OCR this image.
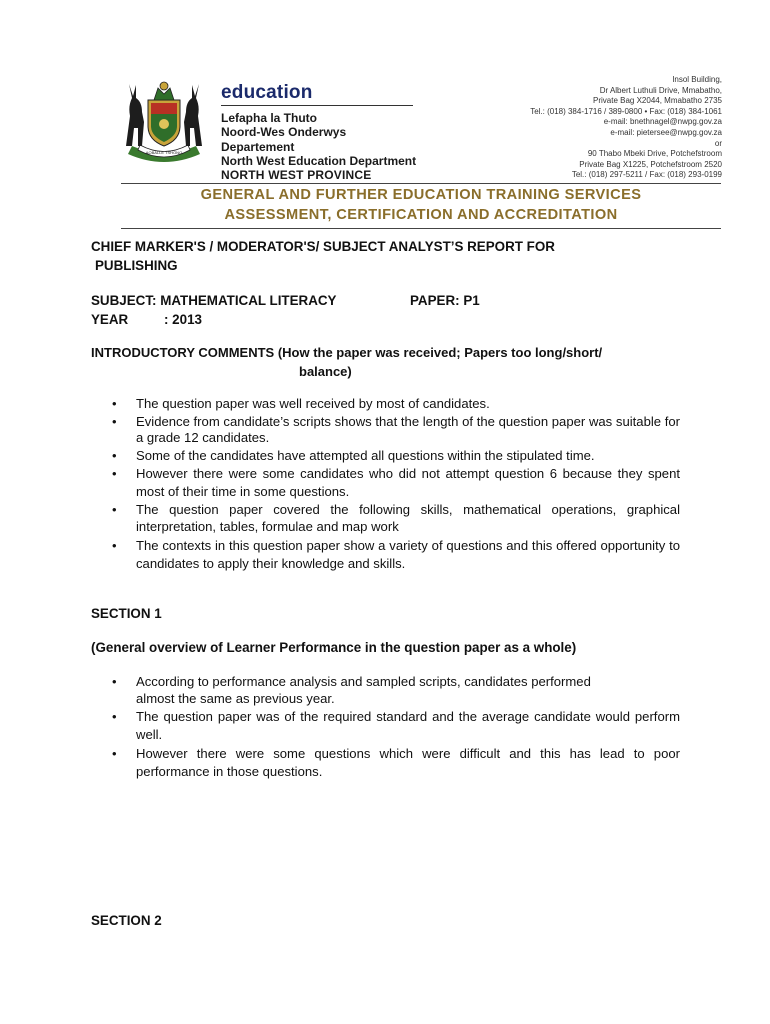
AOBALLE TSHONO
education
Lefapha la Thuto
Noord-Wes Onderwys Departement
North West Education Department
NORTH WEST PROVINCE
Insol Building,
Dr Albert Luthuli Drive, Mmabatho,
Private Bag X2044, Mmabatho 2735
Tel.: (018) 384-1716 / 389-0800 • Fax: (018) 384-1061
e-mail: bnethnagel@nwpg.gov.za
e-mail: pietersee@nwpg.gov.za
or
90 Thabo Mbeki Drive, Potchefstroom
Private Bag X1225, Potchefstroom 2520
Tel.: (018) 297-5211 / Fax: (018) 293-0199
GENERAL AND FURTHER EDUCATION TRAINING SERVICES
ASSESSMENT, CERTIFICATION AND ACCREDITATION
CHIEF MARKER'S / MODERATOR'S/ SUBJECT ANALYST’S REPORT FOR
PUBLISHING
SUBJECT: MATHEMATICAL LITERACY	PAPER: P1
YEAR	: 2013
INTRODUCTORY COMMENTS (How the paper was received; Papers too long/short/
balance)
• The question paper was well received by most of candidates.
• Evidence from candidate’s scripts shows that the length of the question paper was suitable for a grade 12 candidates.
• Some of the candidates have attempted all questions within the stipulated time.
• However there were some candidates who did not attempt question 6 because they spent most of their time in some questions.
• The question paper covered the following skills, mathematical operations, graphical interpretation, tables, formulae and map work
• The contexts in this question paper show a variety of questions and this offered opportunity to candidates to apply their knowledge and skills.
SECTION 1
(General overview of Learner Performance in the question paper as a whole)
• According to performance analysis and sampled scripts, candidates performed almost the same as previous year.
• The question paper was of the required standard and the average candidate would perform well.
• However there were some questions which were difficult and this has lead to poor performance in those questions.
SECTION 2
